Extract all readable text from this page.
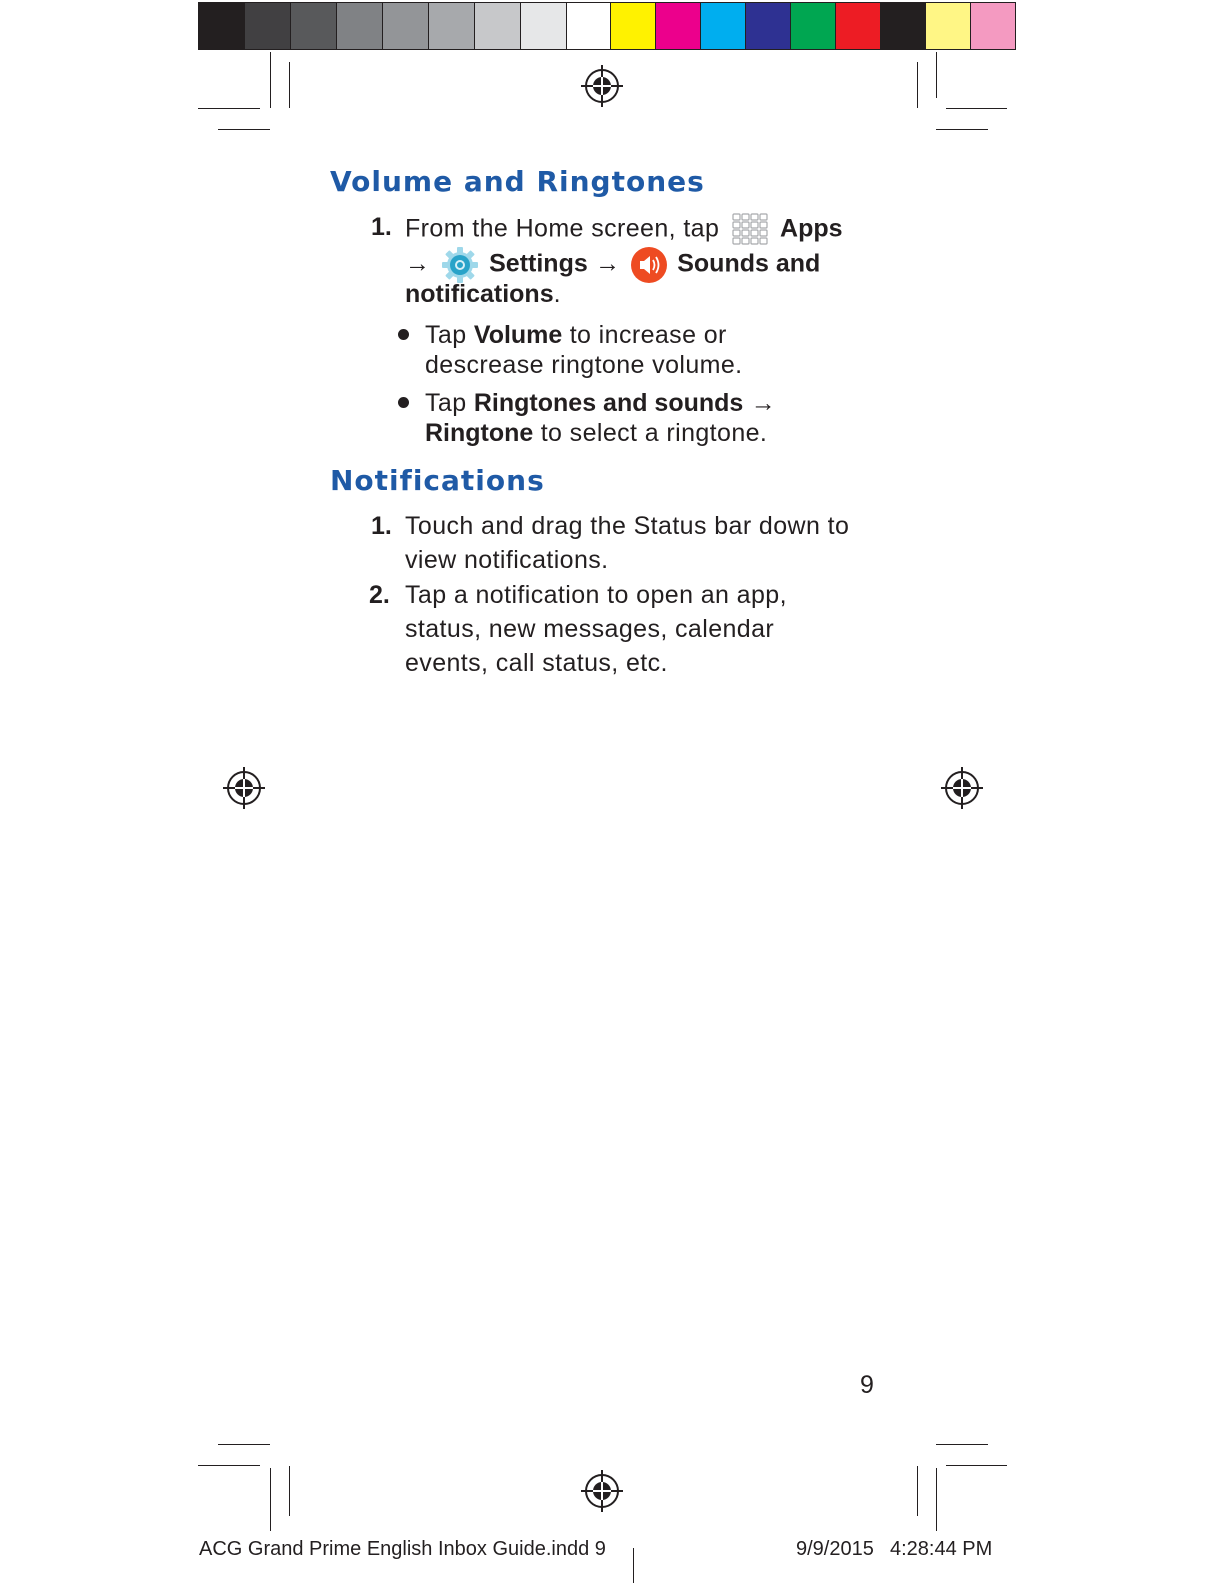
Volume and Ringtones
1. From the Home screen, tap Apps
→ Settings → Sounds and
notifications.
Tap Volume to increase or
descrease ringtone volume.
Tap Ringtones and sounds →
Ringtone to select a ringtone.
Notifications
1. Touch and drag the Status bar down to
view notifications.
2. Tap a notification to open an app,
status, new messages, calendar
events, call status, etc.
9
ACG Grand Prime English Inbox Guide.indd 9	9/9/2015 4:28:44 PM
